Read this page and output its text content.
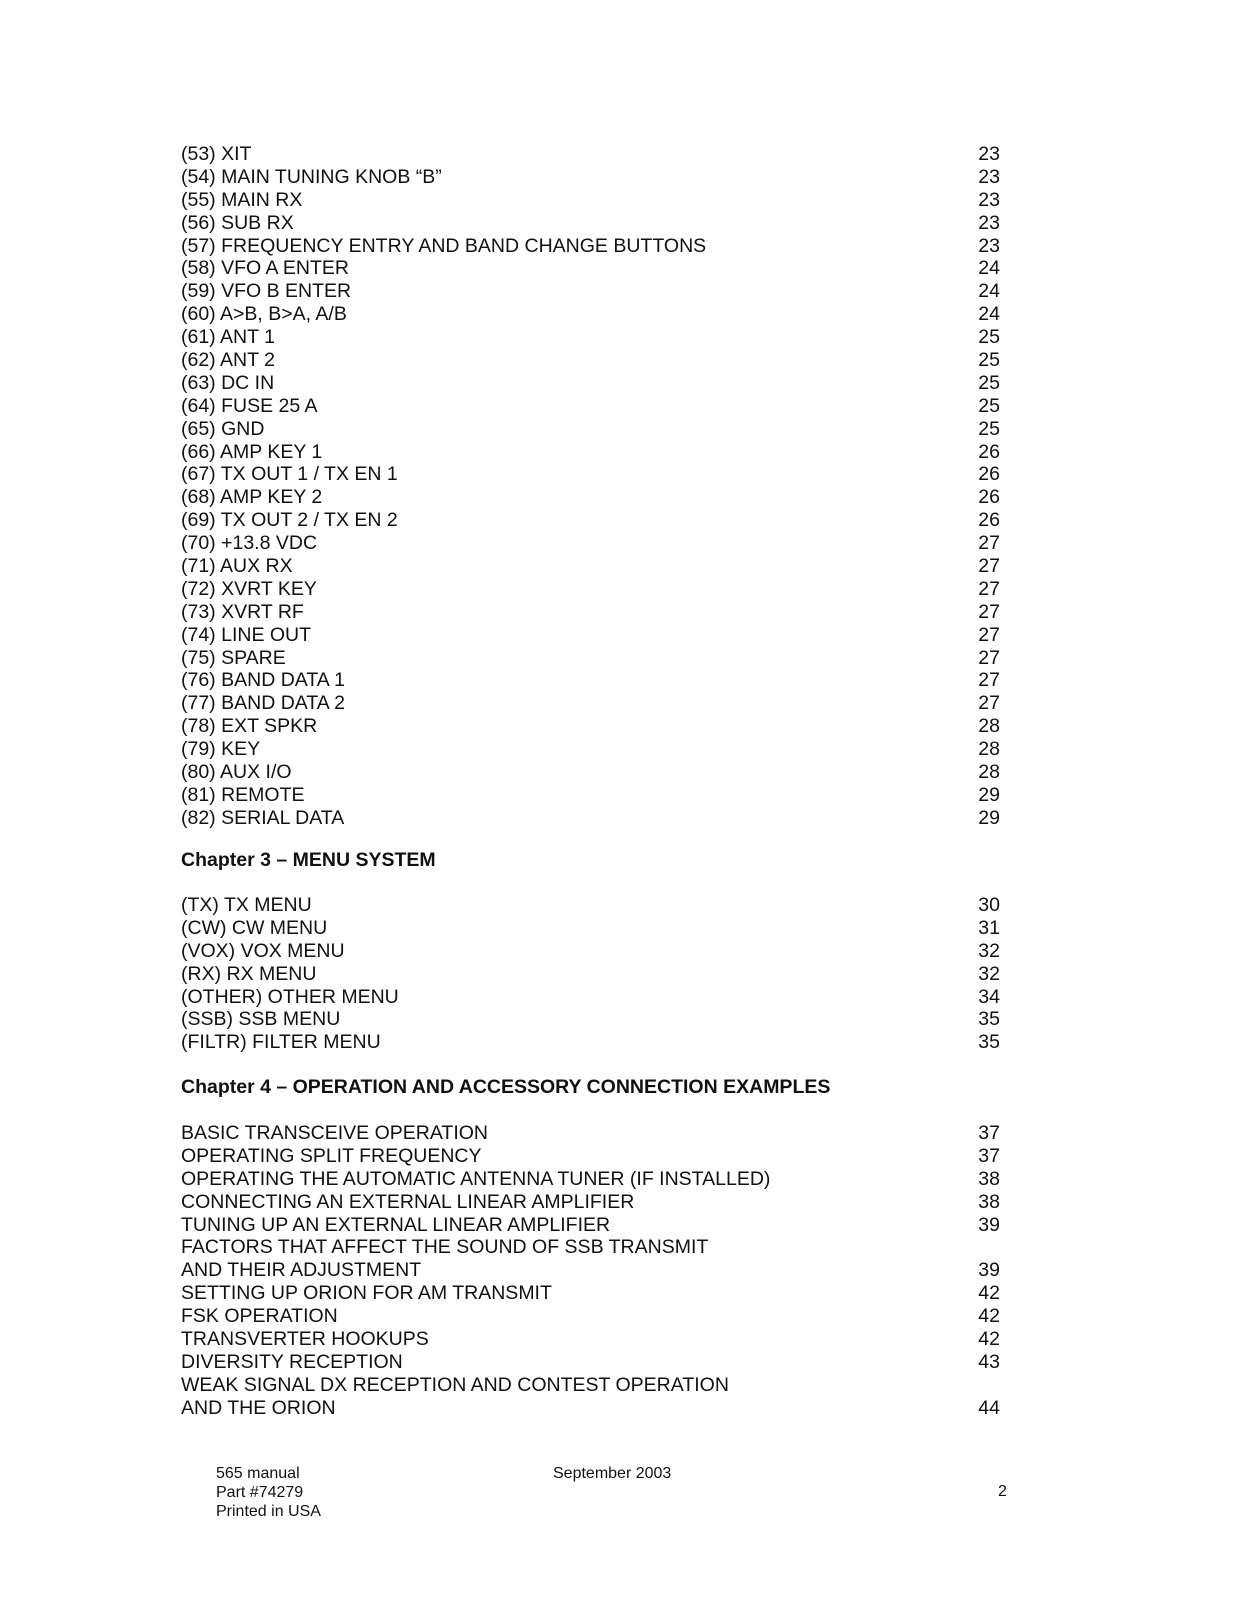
(53) XIT	23
(54) MAIN TUNING KNOB “B”	23
(55) MAIN RX	23
(56) SUB RX	23
(57) FREQUENCY ENTRY AND BAND CHANGE BUTTONS	23
(58) VFO A ENTER	24
(59) VFO B ENTER	24
(60) A>B, B>A, A/B	24
(61) ANT 1	25
(62) ANT 2	25
(63) DC IN	25
(64) FUSE 25 A	25
(65) GND	25
(66) AMP KEY 1	26
(67) TX OUT 1 / TX EN 1	26
(68) AMP KEY 2	26
(69) TX OUT 2 / TX EN 2	26
(70) +13.8 VDC	27
(71) AUX RX	27
(72) XVRT KEY	27
(73) XVRT RF	27
(74) LINE OUT	27
(75) SPARE	27
(76) BAND DATA 1	27
(77) BAND DATA 2	27
(78) EXT SPKR	28
(79) KEY	28
(80) AUX I/O	28
(81) REMOTE	29
(82) SERIAL DATA	29
Chapter 3 – MENU SYSTEM
(TX) TX MENU	30
(CW) CW MENU	31
(VOX) VOX MENU	32
(RX) RX MENU	32
(OTHER) OTHER MENU	34
(SSB) SSB MENU	35
(FILTR) FILTER MENU	35
Chapter 4 – OPERATION AND ACCESSORY CONNECTION EXAMPLES
BASIC TRANSCEIVE OPERATION	37
OPERATING SPLIT FREQUENCY	37
OPERATING THE AUTOMATIC ANTENNA TUNER (IF INSTALLED)	38
CONNECTING AN EXTERNAL LINEAR AMPLIFIER	38
TUNING UP AN EXTERNAL LINEAR AMPLIFIER	39
FACTORS THAT AFFECT THE SOUND OF SSB TRANSMIT
AND THEIR ADJUSTMENT	39
SETTING UP ORION FOR AM TRANSMIT	42
FSK OPERATION	42
TRANSVERTER HOOKUPS	42
DIVERSITY RECEPTION	43
WEAK SIGNAL DX RECEPTION AND CONTEST OPERATION
AND THE ORION	44
565 manual
Part #74279
Printed in USA
September 2003
2
